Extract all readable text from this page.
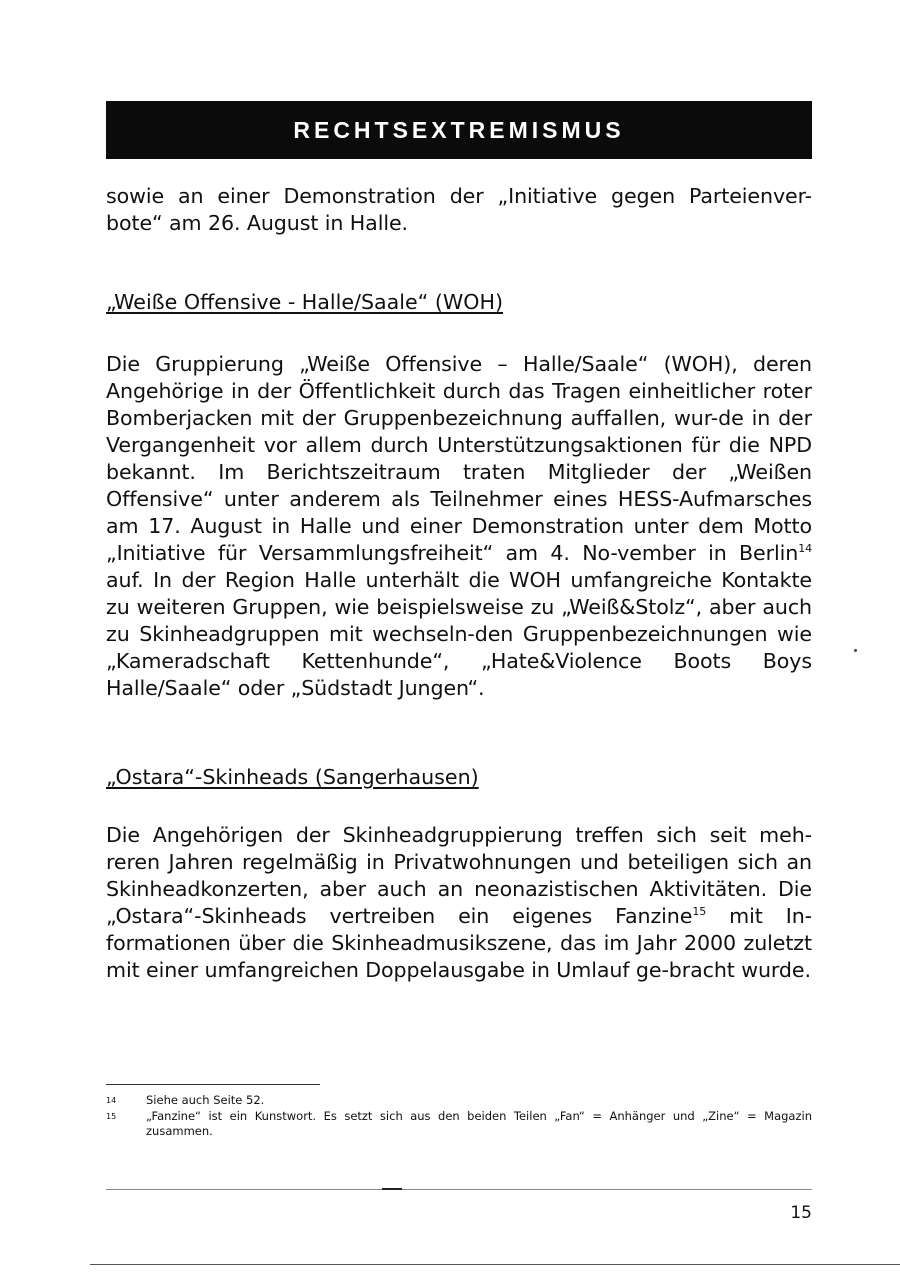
RECHTSEXTREMISMUS

sowie an einer Demonstration der „Initiative gegen Parteienver-bote“ am 26. August in Halle.

„Weiße Offensive - Halle/Saale“ (WOH)

Die Gruppierung „Weiße Offensive – Halle/Saale“ (WOH), deren Angehörige in der Öffentlichkeit durch das Tragen einheitlicher roter Bomberjacken mit der Gruppenbezeichnung auffallen, wur-de in der Vergangenheit vor allem durch Unterstützungsaktionen für die NPD bekannt. Im Berichtszeitraum traten Mitglieder der „Weißen Offensive“ unter anderem als Teilnehmer eines HESS-Aufmarsches am 17. August in Halle und einer Demonstration unter dem Motto „Initiative für Versammlungsfreiheit“ am 4. No-vember in Berlin$^{14}$ auf. In der Region Halle unterhält die WOH umfangreiche Kontakte zu weiteren Gruppen, wie beispielsweise zu „Weiß&Stolz“, aber auch zu Skinheadgruppen mit wechseln-den Gruppenbezeichnungen wie „Kameradschaft Kettenhunde“, „Hate&Violence Boots Boys Halle/Saale“ oder „Südstadt Jungen“.

„Ostara“-Skinheads (Sangerhausen)

Die Angehörigen der Skinheadgruppierung treffen sich seit meh-reren Jahren regelmäßig in Privatwohnungen und beteiligen sich an Skinheadkonzerten, aber auch an neonazistischen Aktivitäten. Die „Ostara“-Skinheads vertreiben ein eigenes Fanzine$^{15}$ mit In-formationen über die Skinheadmusikszene, das im Jahr 2000 zuletzt mit einer umfangreichen Doppelausgabe in Umlauf ge-bracht wurde.

14	Siehe auch Seite 52.
15	„Fanzine“ ist ein Kunstwort. Es setzt sich aus den beiden Teilen „Fan“ = Anhänger und „Zine“ = Magazin zusammen.
15
